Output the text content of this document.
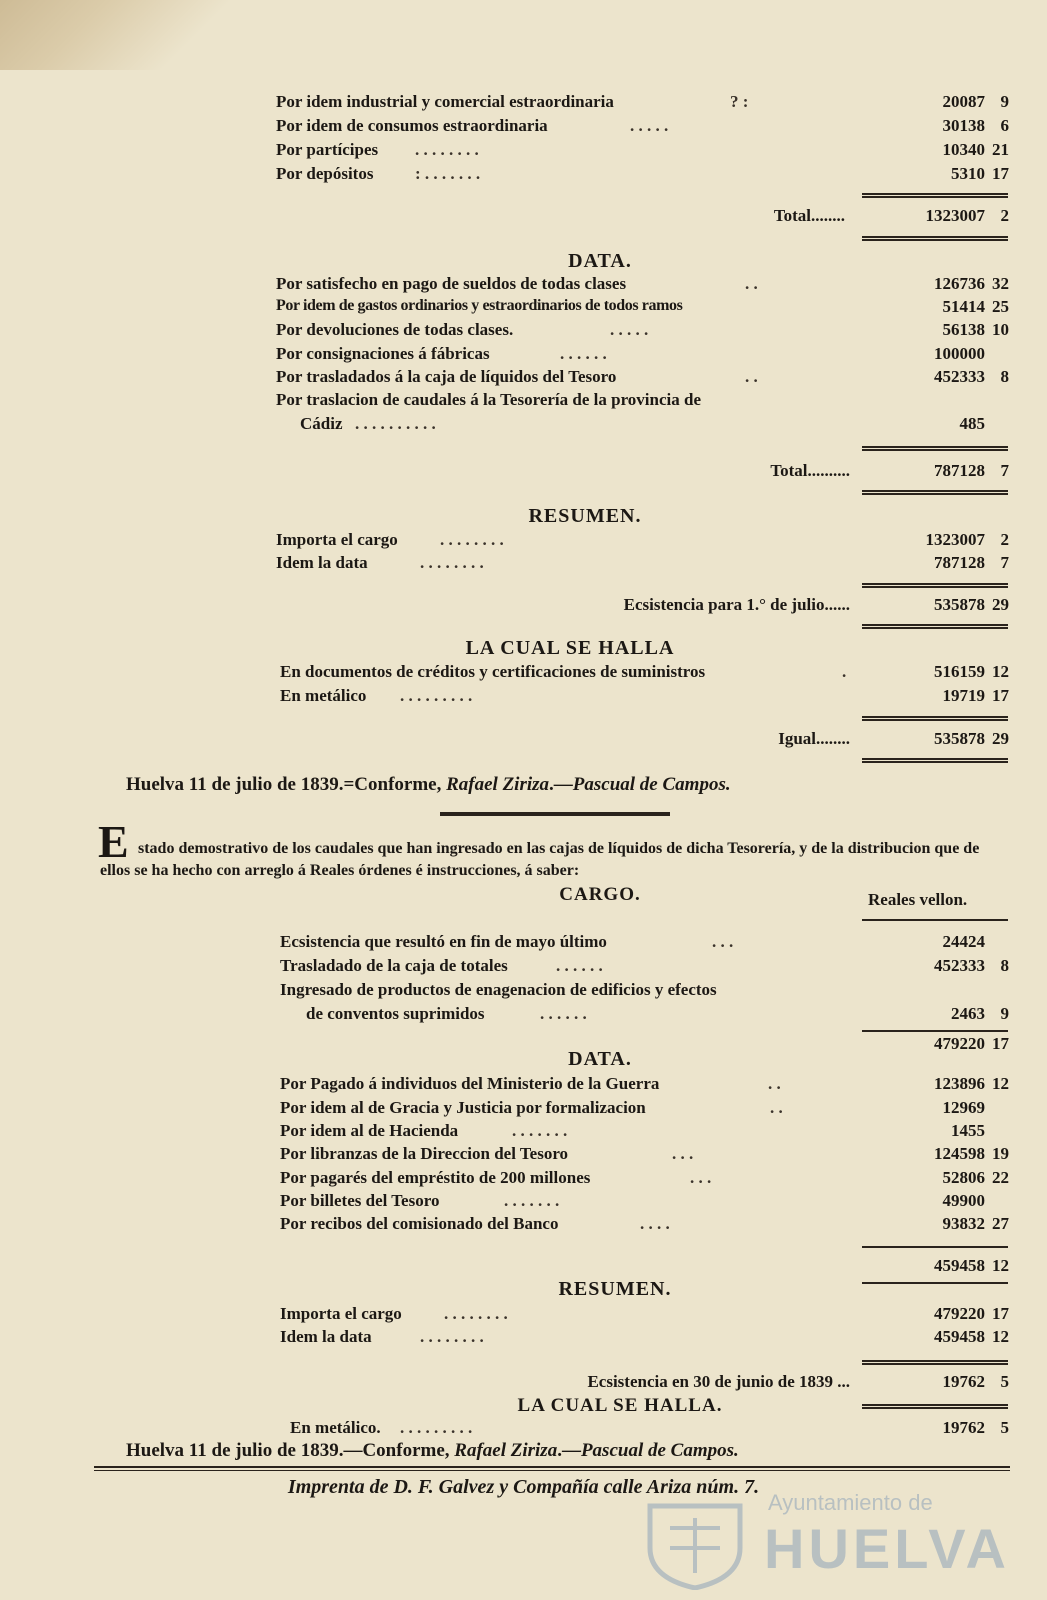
Por idem industrial y comercial estraordinaria	? :	20087 9
Por idem de consumos estraordinaria	. . . . .	30138 6
Por partícipes . . . . . . . .	10340 21
Por depósitos : . . . . . . .	5310 17
Total........	1323007 2
DATA.
Por satisfecho en pago de sueldos de todas clases	. .	126736 32
Por idem de gastos ordinarios y estraordinarios de todos ramos	51414 25
Por devoluciones de todas clases.	. . . . .	56138 10
Por consignaciones á fábricas	. . . . . .	100000
Por trasladados á la caja de líquidos del Tesoro	. .	452333 8
Por traslacion de caudales á la Tesorería de la provincia de
Cádiz . . . . . . . . . .	485
Total..........	787128 7
RESUMEN.
Importa el cargo . . . . . . . .	1323007 2
Idem la data	. . . . . . . .	787128 7
Ecsistencia para 1.° de julio......	535878 29
LA CUAL SE HALLA
En documentos de créditos y certificaciones de suministros	.	516159 12
En metálico . . . . . . . . .	19719 17
Igual........	535878 29
Huelva 11 de julio de 1839.=Conforme, Rafael Ziriza.—Pascual de Campos.
E stado demostrativo de los caudales que han ingresado en las cajas de líquidos de dicha Tesorería, y de la distribucion que de ellos se ha hecho con arreglo á Reales órdenes é instrucciones, á saber:
CARGO.	Reales vellon.
Ecsistencia que resultó en fin de mayo último	. . .	24424
Trasladado de la caja de totales	. . . . . .	452333 8
Ingresado de productos de enagenacion de edificios y efectos
de conventos suprimidos	. . . . . .	2463 9
479220 17
DATA.
Por Pagado á individuos del Ministerio de la Guerra	. .	123896 12
Por idem al de Gracia y Justicia por formalizacion	. .	12969
Por idem al de Hacienda	. . . . . . .	1455
Por libranzas de la Direccion del Tesoro	. . .	124598 19
Por pagarés del empréstito de 200 millones	. . .	52806 22
Por billetes del Tesoro	. . . . . . .	49900
Por recibos del comisionado del Banco	. . . .	93832 27
459458 12
RESUMEN.
Importa el cargo . . . . . . . .	479220 17
Idem la data	. . . . . . . .	459458 12
Ecsistencia en 30 de junio de 1839 ...	19762 5
LA CUAL SE HALLA.
En metálico. . . . . . . . . .	19762 5
Huelva 11 de julio de 1839.—Conforme, Rafael Ziriza.—Pascual de Campos.
Imprenta de D. F. Galvez y Compañía calle Ariza núm. 7.
Ayuntamiento de
HUELVA
